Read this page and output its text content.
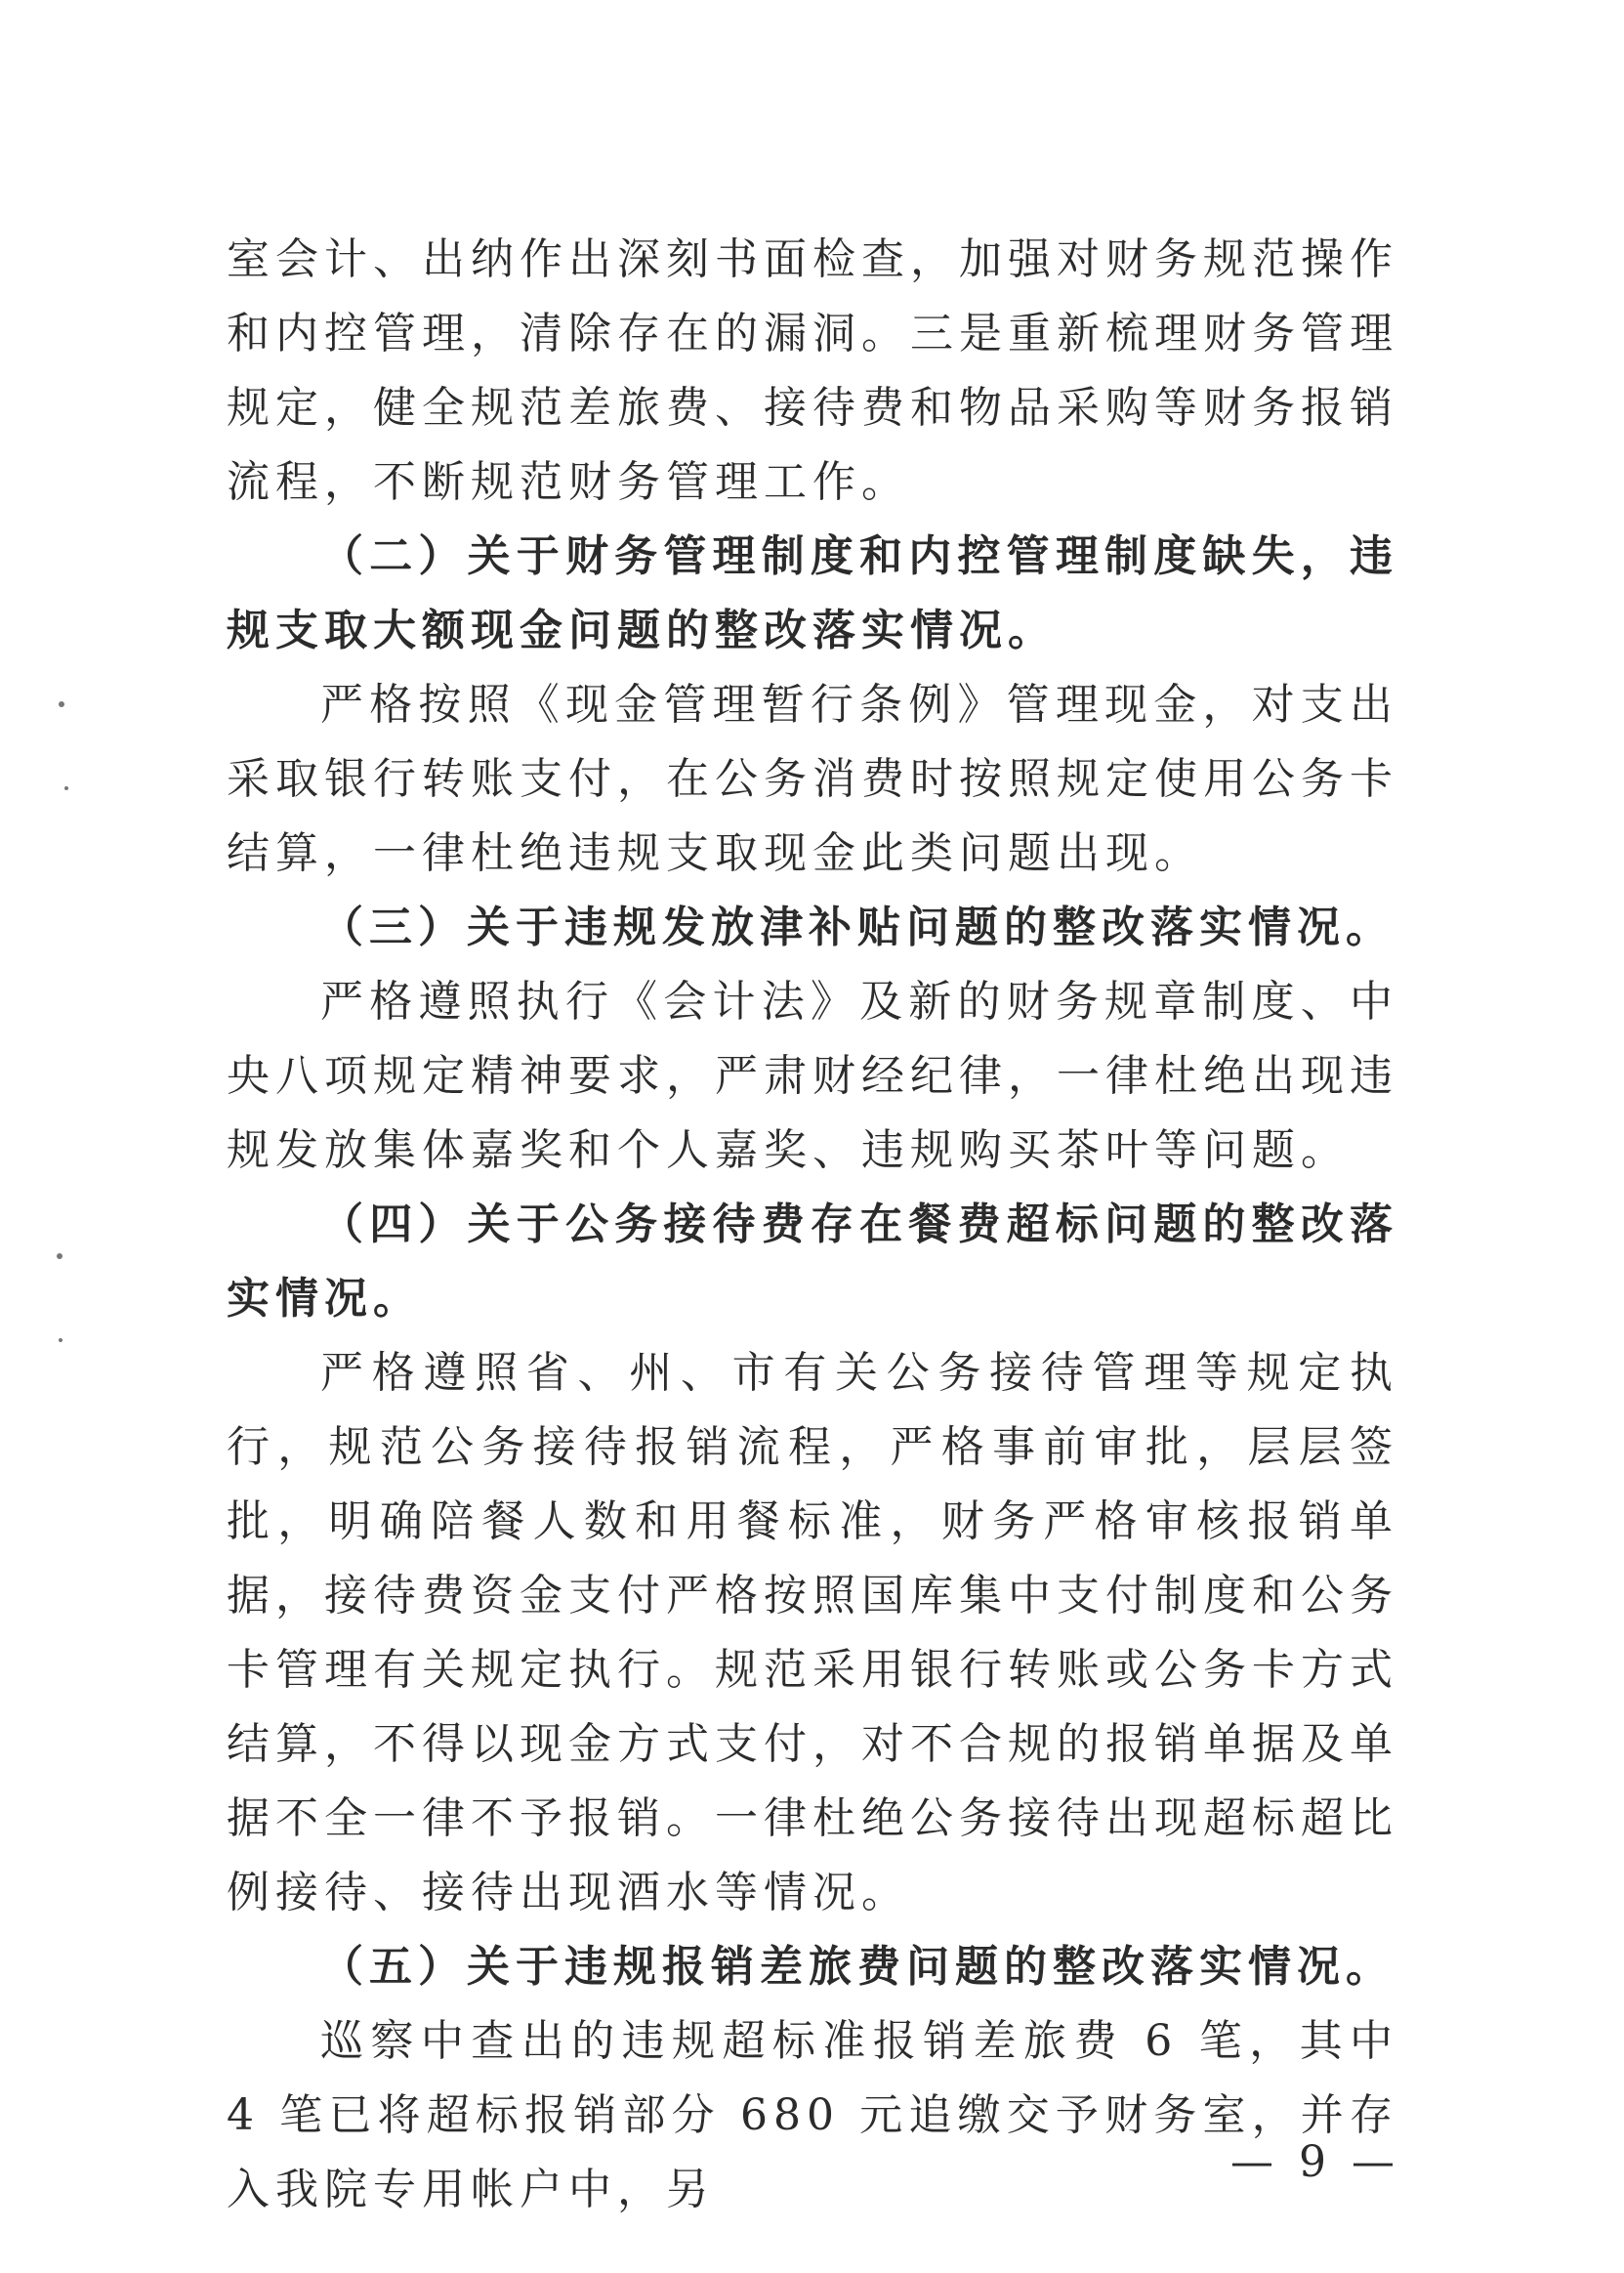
室会计、出纳作出深刻书面检查，加强对财务规范操作和内控管理，清除存在的漏洞。三是重新梳理财务管理规定，健全规范差旅费、接待费和物品采购等财务报销流程，不断规范财务管理工作。

（二）关于财务管理制度和内控管理制度缺失，违规支取大额现金问题的整改落实情况。

严格按照《现金管理暂行条例》管理现金，对支出采取银行转账支付，在公务消费时按照规定使用公务卡结算，一律杜绝违规支取现金此类问题出现。

（三）关于违规发放津补贴问题的整改落实情况。

严格遵照执行《会计法》及新的财务规章制度、中央八项规定精神要求，严肃财经纪律，一律杜绝出现违规发放集体嘉奖和个人嘉奖、违规购买茶叶等问题。

（四）关于公务接待费存在餐费超标问题的整改落实情况。

严格遵照省、州、市有关公务接待管理等规定执行，规范公务接待报销流程，严格事前审批，层层签批，明确陪餐人数和用餐标准，财务严格审核报销单据，接待费资金支付严格按照国库集中支付制度和公务卡管理有关规定执行。规范采用银行转账或公务卡方式结算，不得以现金方式支付，对不合规的报销单据及单据不全一律不予报销。一律杜绝公务接待出现超标超比例接待、接待出现酒水等情况。

（五）关于违规报销差旅费问题的整改落实情况。

巡察中查出的违规超标准报销差旅费 6 笔，其中 4 笔已将超标报销部分 680 元追缴交予财务室，并存入我院专用帐户中，另

— 9 —
